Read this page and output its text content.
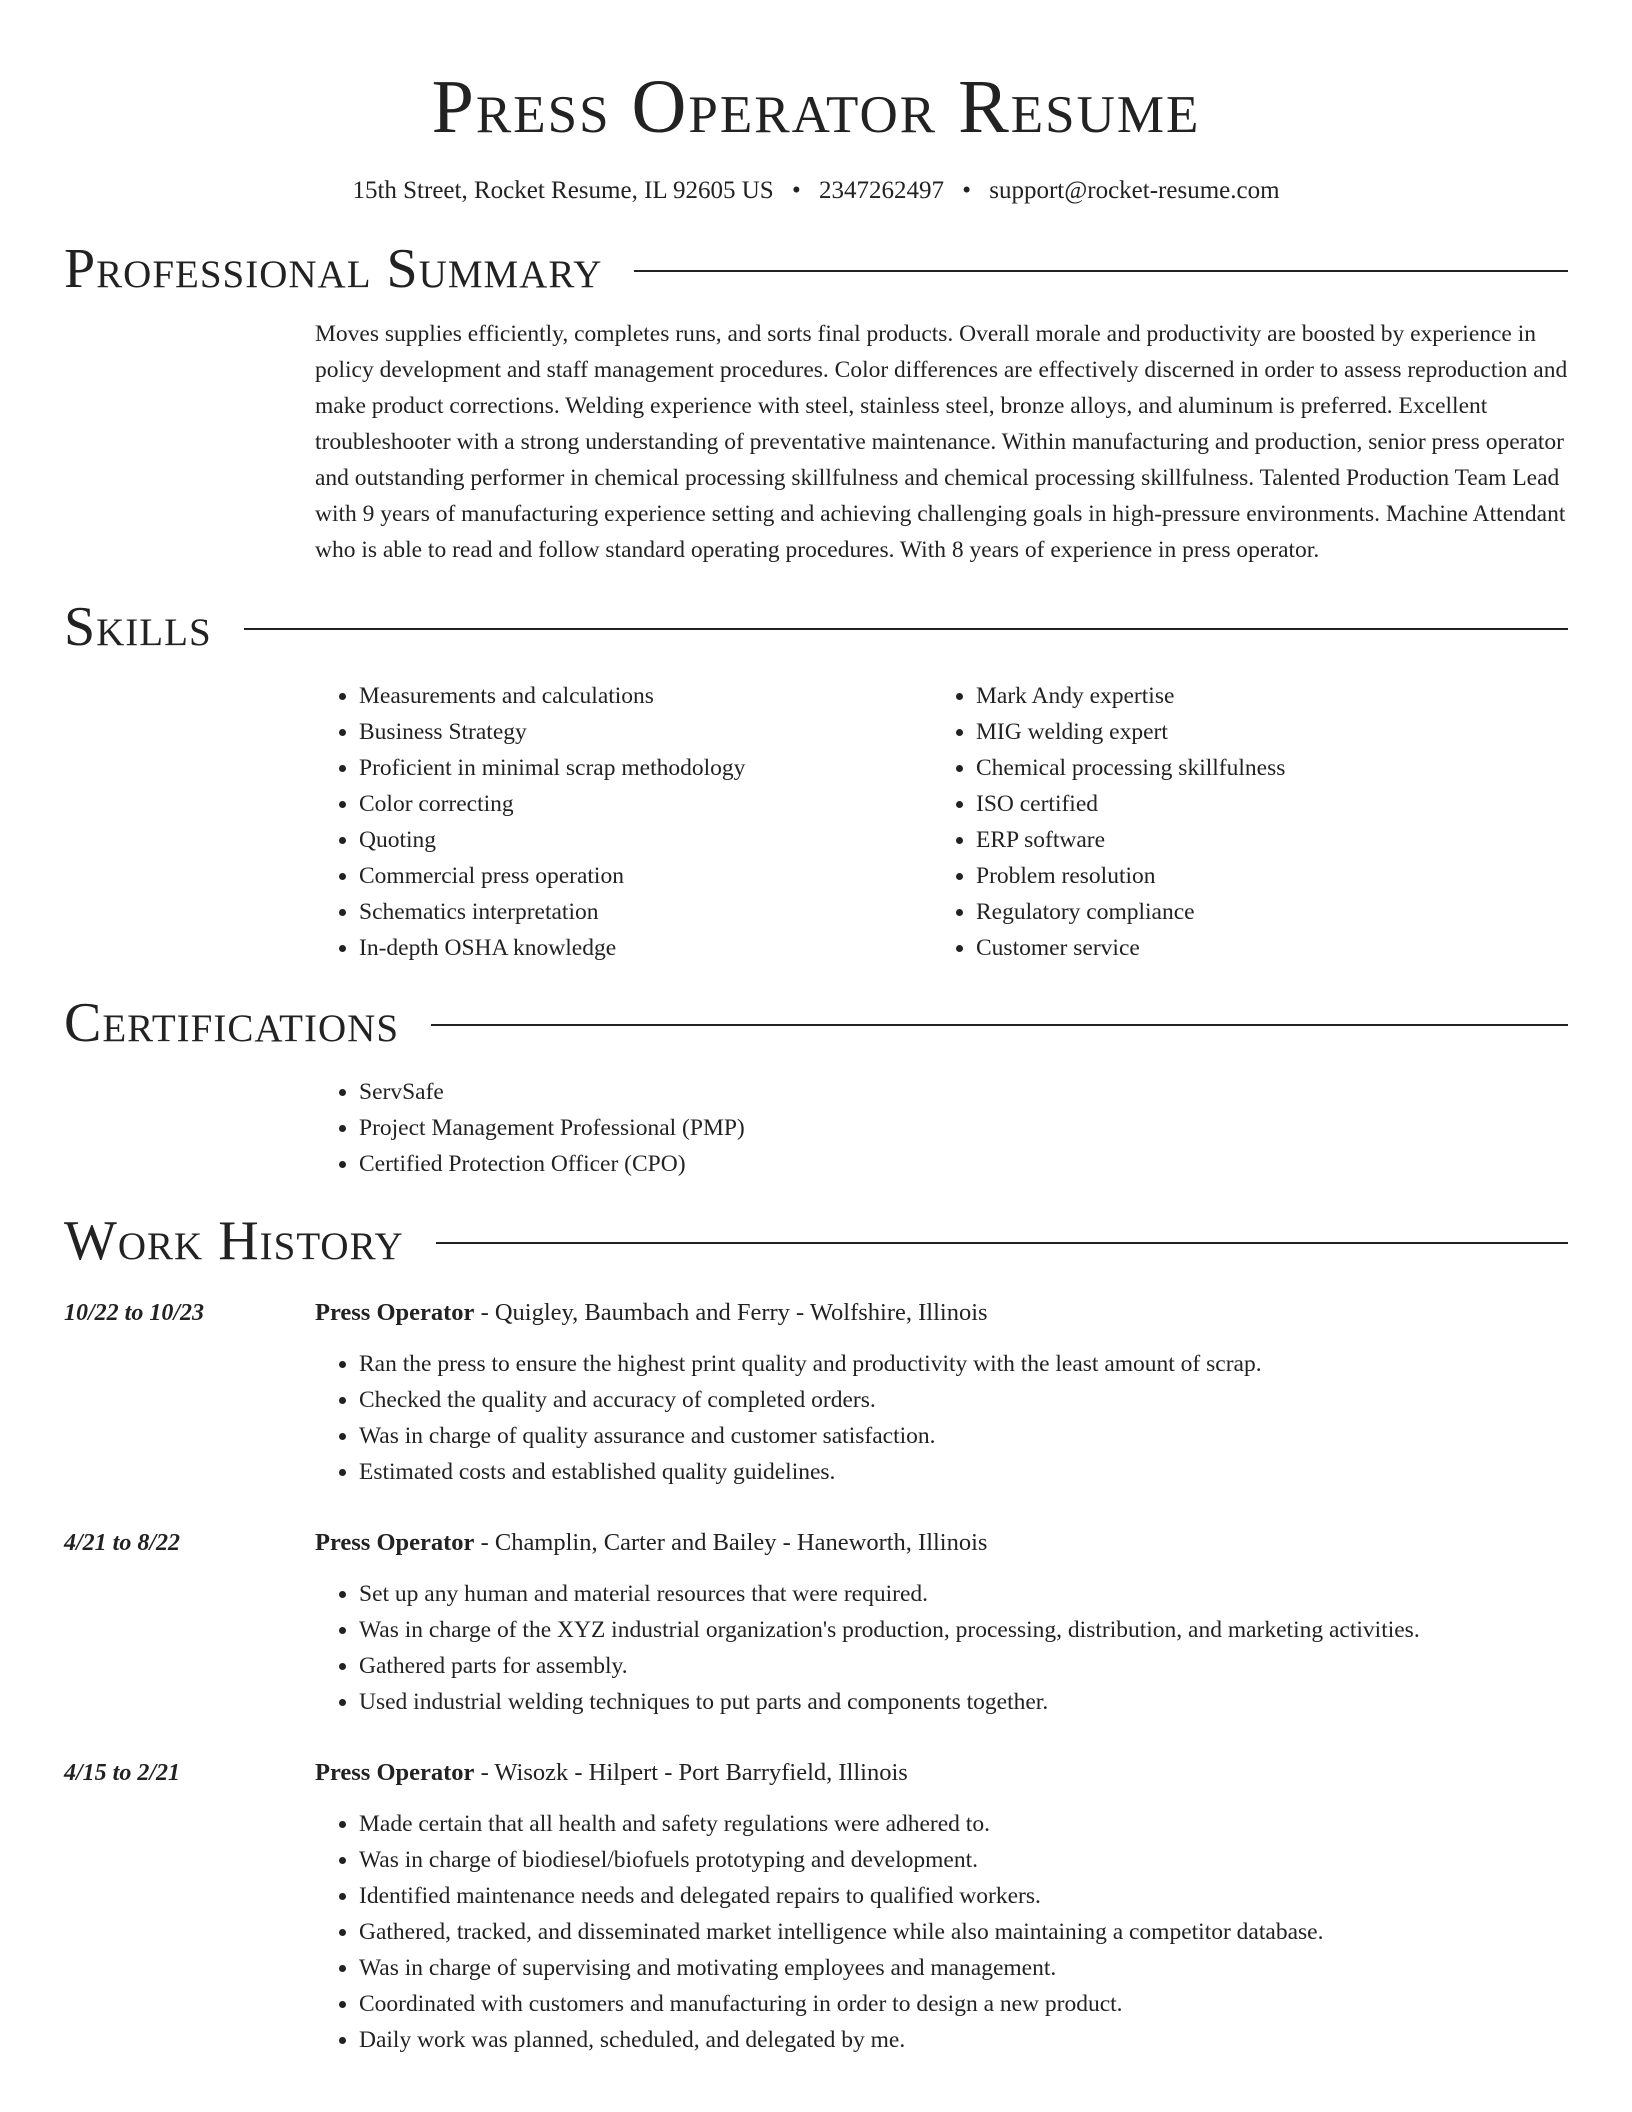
Press Operator Resume
15th Street, Rocket Resume, IL 92605 US • 2347262497 • support@rocket-resume.com
Professional Summary

Moves supplies efficiently, completes runs, and sorts final products. Overall morale and productivity are boosted by experience in policy development and staff management procedures. Color differences are effectively discerned in order to assess reproduction and make product corrections. Welding experience with steel, stainless steel, bronze alloys, and aluminum is preferred. Excellent troubleshooter with a strong understanding of preventative maintenance. Within manufacturing and production, senior press operator and outstanding performer in chemical processing skillfulness and chemical processing skillfulness. Talented Production Team Lead with 9 years of manufacturing experience setting and achieving challenging goals in high-pressure environments. Machine Attendant who is able to read and follow standard operating procedures. With 8 years of experience in press operator.

Skills
• Measurements and calculations
• Business Strategy
• Proficient in minimal scrap methodology
• Color correcting
• Quoting
• Commercial press operation
• Schematics interpretation
• In-depth OSHA knowledge
• Mark Andy expertise
• MIG welding expert
• Chemical processing skillfulness
• ISO certified
• ERP software
• Problem resolution
• Regulatory compliance
• Customer service
Certifications
• ServSafe
• Project Management Professional (PMP)
• Certified Protection Officer (CPO)
Work History
10/22 to 10/23	Press Operator - Quigley, Baumbach and Ferry - Wolfshire, Illinois
• Ran the press to ensure the highest print quality and productivity with the least amount of scrap.
• Checked the quality and accuracy of completed orders.
• Was in charge of quality assurance and customer satisfaction.
• Estimated costs and established quality guidelines.
4/21 to 8/22	Press Operator - Champlin, Carter and Bailey - Haneworth, Illinois
• Set up any human and material resources that were required.
• Was in charge of the XYZ industrial organization's production, processing, distribution, and marketing activities.
• Gathered parts for assembly.
• Used industrial welding techniques to put parts and components together.
4/15 to 2/21	Press Operator - Wisozk - Hilpert - Port Barryfield, Illinois
• Made certain that all health and safety regulations were adhered to.
• Was in charge of biodiesel/biofuels prototyping and development.
• Identified maintenance needs and delegated repairs to qualified workers.
• Gathered, tracked, and disseminated market intelligence while also maintaining a competitor database.
• Was in charge of supervising and motivating employees and management.
• Coordinated with customers and manufacturing in order to design a new product.
• Daily work was planned, scheduled, and delegated by me.
